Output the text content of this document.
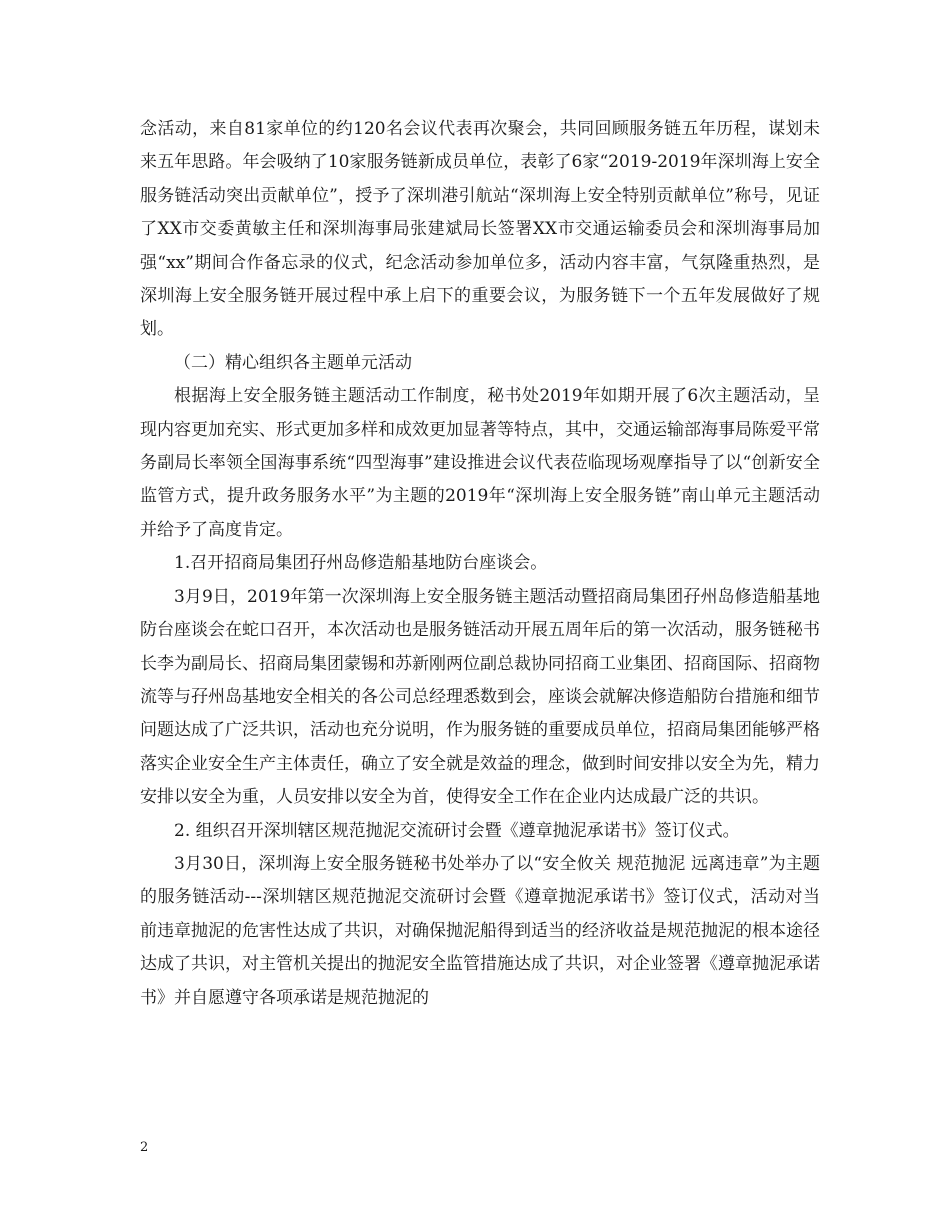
念活动，来自81家单位的约120名会议代表再次聚会，共同回顾服务链五年历程，谋划未来五年思路。年会吸纳了10家服务链新成员单位，表彰了6家“2019-2019年深圳海上安全服务链活动突出贡献单位”，授予了深圳港引航站“深圳海上安全特别贡献单位”称号，见证了XX市交委黄敏主任和深圳海事局张建斌局长签署XX市交通运输委员会和深圳海事局加强“xx”期间合作备忘录的仪式，纪念活动参加单位多，活动内容丰富，气氛隆重热烈，是深圳海上安全服务链开展过程中承上启下的重要会议，为服务链下一个五年发展做好了规划。

（二）精心组织各主题单元活动

根据海上安全服务链主题活动工作制度，秘书处2019年如期开展了6次主题活动，呈现内容更加充实、形式更加多样和成效更加显著等特点，其中，交通运输部海事局陈爱平常务副局长率领全国海事系统“四型海事”建设推进会议代表莅临现场观摩指导了以“创新安全监管方式，提升政务服务水平”为主题的2019年“深圳海上安全服务链”南山单元主题活动并给予了高度肯定。

1.召开招商局集团孖州岛修造船基地防台座谈会。

3月9日，2019年第一次深圳海上安全服务链主题活动暨招商局集团孖州岛修造船基地防台座谈会在蛇口召开，本次活动也是服务链活动开展五周年后的第一次活动，服务链秘书长李为副局长、招商局集团蒙锡和苏新刚两位副总裁协同招商工业集团、招商国际、招商物流等与孖州岛基地安全相关的各公司总经理悉数到会，座谈会就解决修造船防台措施和细节问题达成了广泛共识，活动也充分说明，作为服务链的重要成员单位，招商局集团能够严格落实企业安全生产主体责任，确立了安全就是效益的理念，做到时间安排以安全为先，精力安排以安全为重，人员安排以安全为首，使得安全工作在企业内达成最广泛的共识。

2. 组织召开深圳辖区规范抛泥交流研讨会暨《遵章抛泥承诺书》签订仪式。

3月30日，深圳海上安全服务链秘书处举办了以“安全攸关 规范抛泥 远离违章”为主题的服务链活动---深圳辖区规范抛泥交流研讨会暨《遵章抛泥承诺书》签订仪式，活动对当前违章抛泥的危害性达成了共识，对确保抛泥船得到适当的经济收益是规范抛泥的根本途径达成了共识，对主管机关提出的抛泥安全监管措施达成了共识，对企业签署《遵章抛泥承诺书》并自愿遵守各项承诺是规范抛泥的

2
